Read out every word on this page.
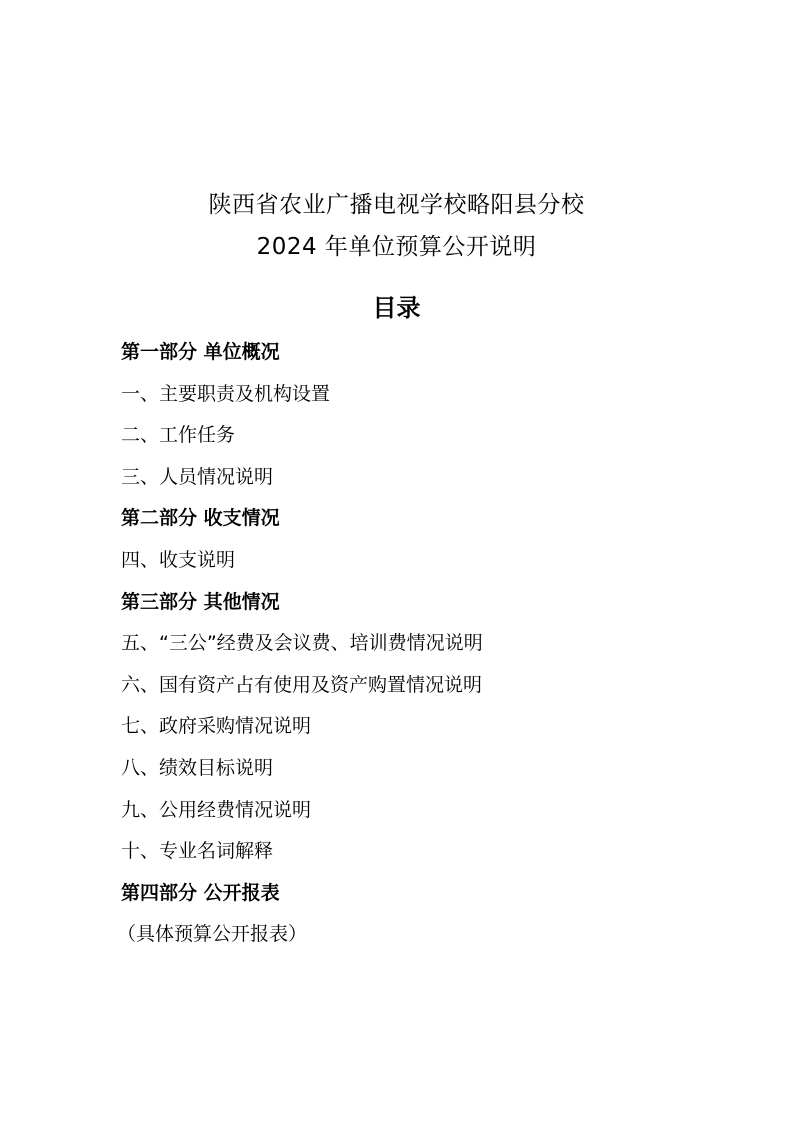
陕西省农业广播电视学校略阳县分校
2024 年单位预算公开说明
目录
第一部分 单位概况
一、主要职责及机构设置
二、工作任务
三、人员情况说明
第二部分 收支情况
四、收支说明
第三部分 其他情况
五、“三公”经费及会议费、培训费情况说明
六、国有资产占有使用及资产购置情况说明
七、政府采购情况说明
八、绩效目标说明
九、公用经费情况说明
十、专业名词解释
第四部分 公开报表
（具体预算公开报表）
